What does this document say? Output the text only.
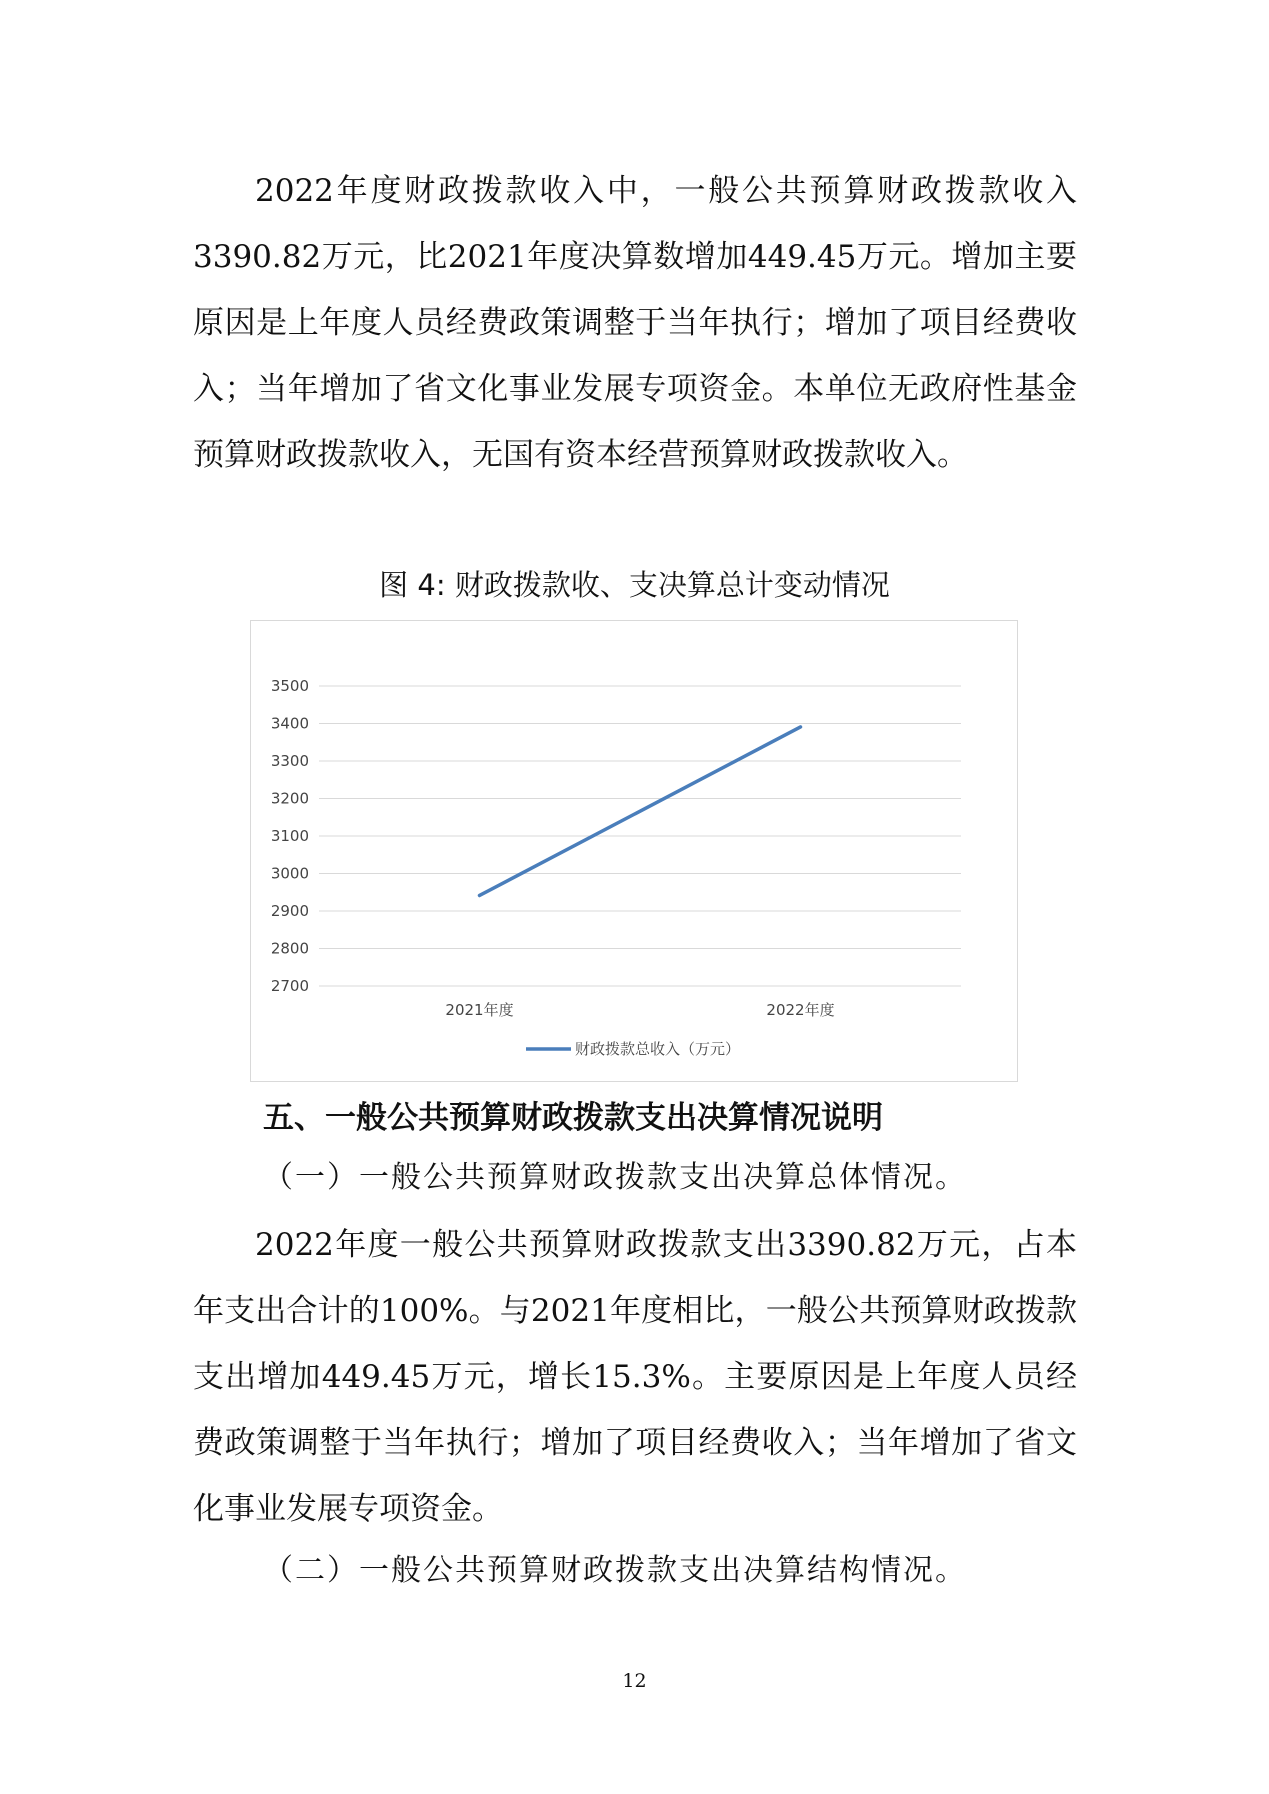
2022年度财政拨款收入中，一般公共预算财政拨款收入3390.82万元，比2021年度决算数增加449.45万元。增加主要原因是上年度人员经费政策调整于当年执行；增加了项目经费收入；当年增加了省文化事业发展专项资金。本单位无政府性基金预算财政拨款收入，无国有资本经营预算财政拨款收入。

图 4: 财政拨款收、支决算总计变动情况
2700
2800
2900
3000
3100
3200
3300
3400
3500
2021年度	2022年度
财政拨款总收入（万元）
五、一般公共预算财政拨款支出决算情况说明

（一）一般公共预算财政拨款支出决算总体情况。

2022年度一般公共预算财政拨款支出3390.82万元，占本年支出合计的100%。与2021年度相比，一般公共预算财政拨款支出增加449.45万元，增长15.3%。主要原因是上年度人员经费政策调整于当年执行；增加了项目经费收入；当年增加了省文化事业发展专项资金。

（二）一般公共预算财政拨款支出决算结构情况。

12
